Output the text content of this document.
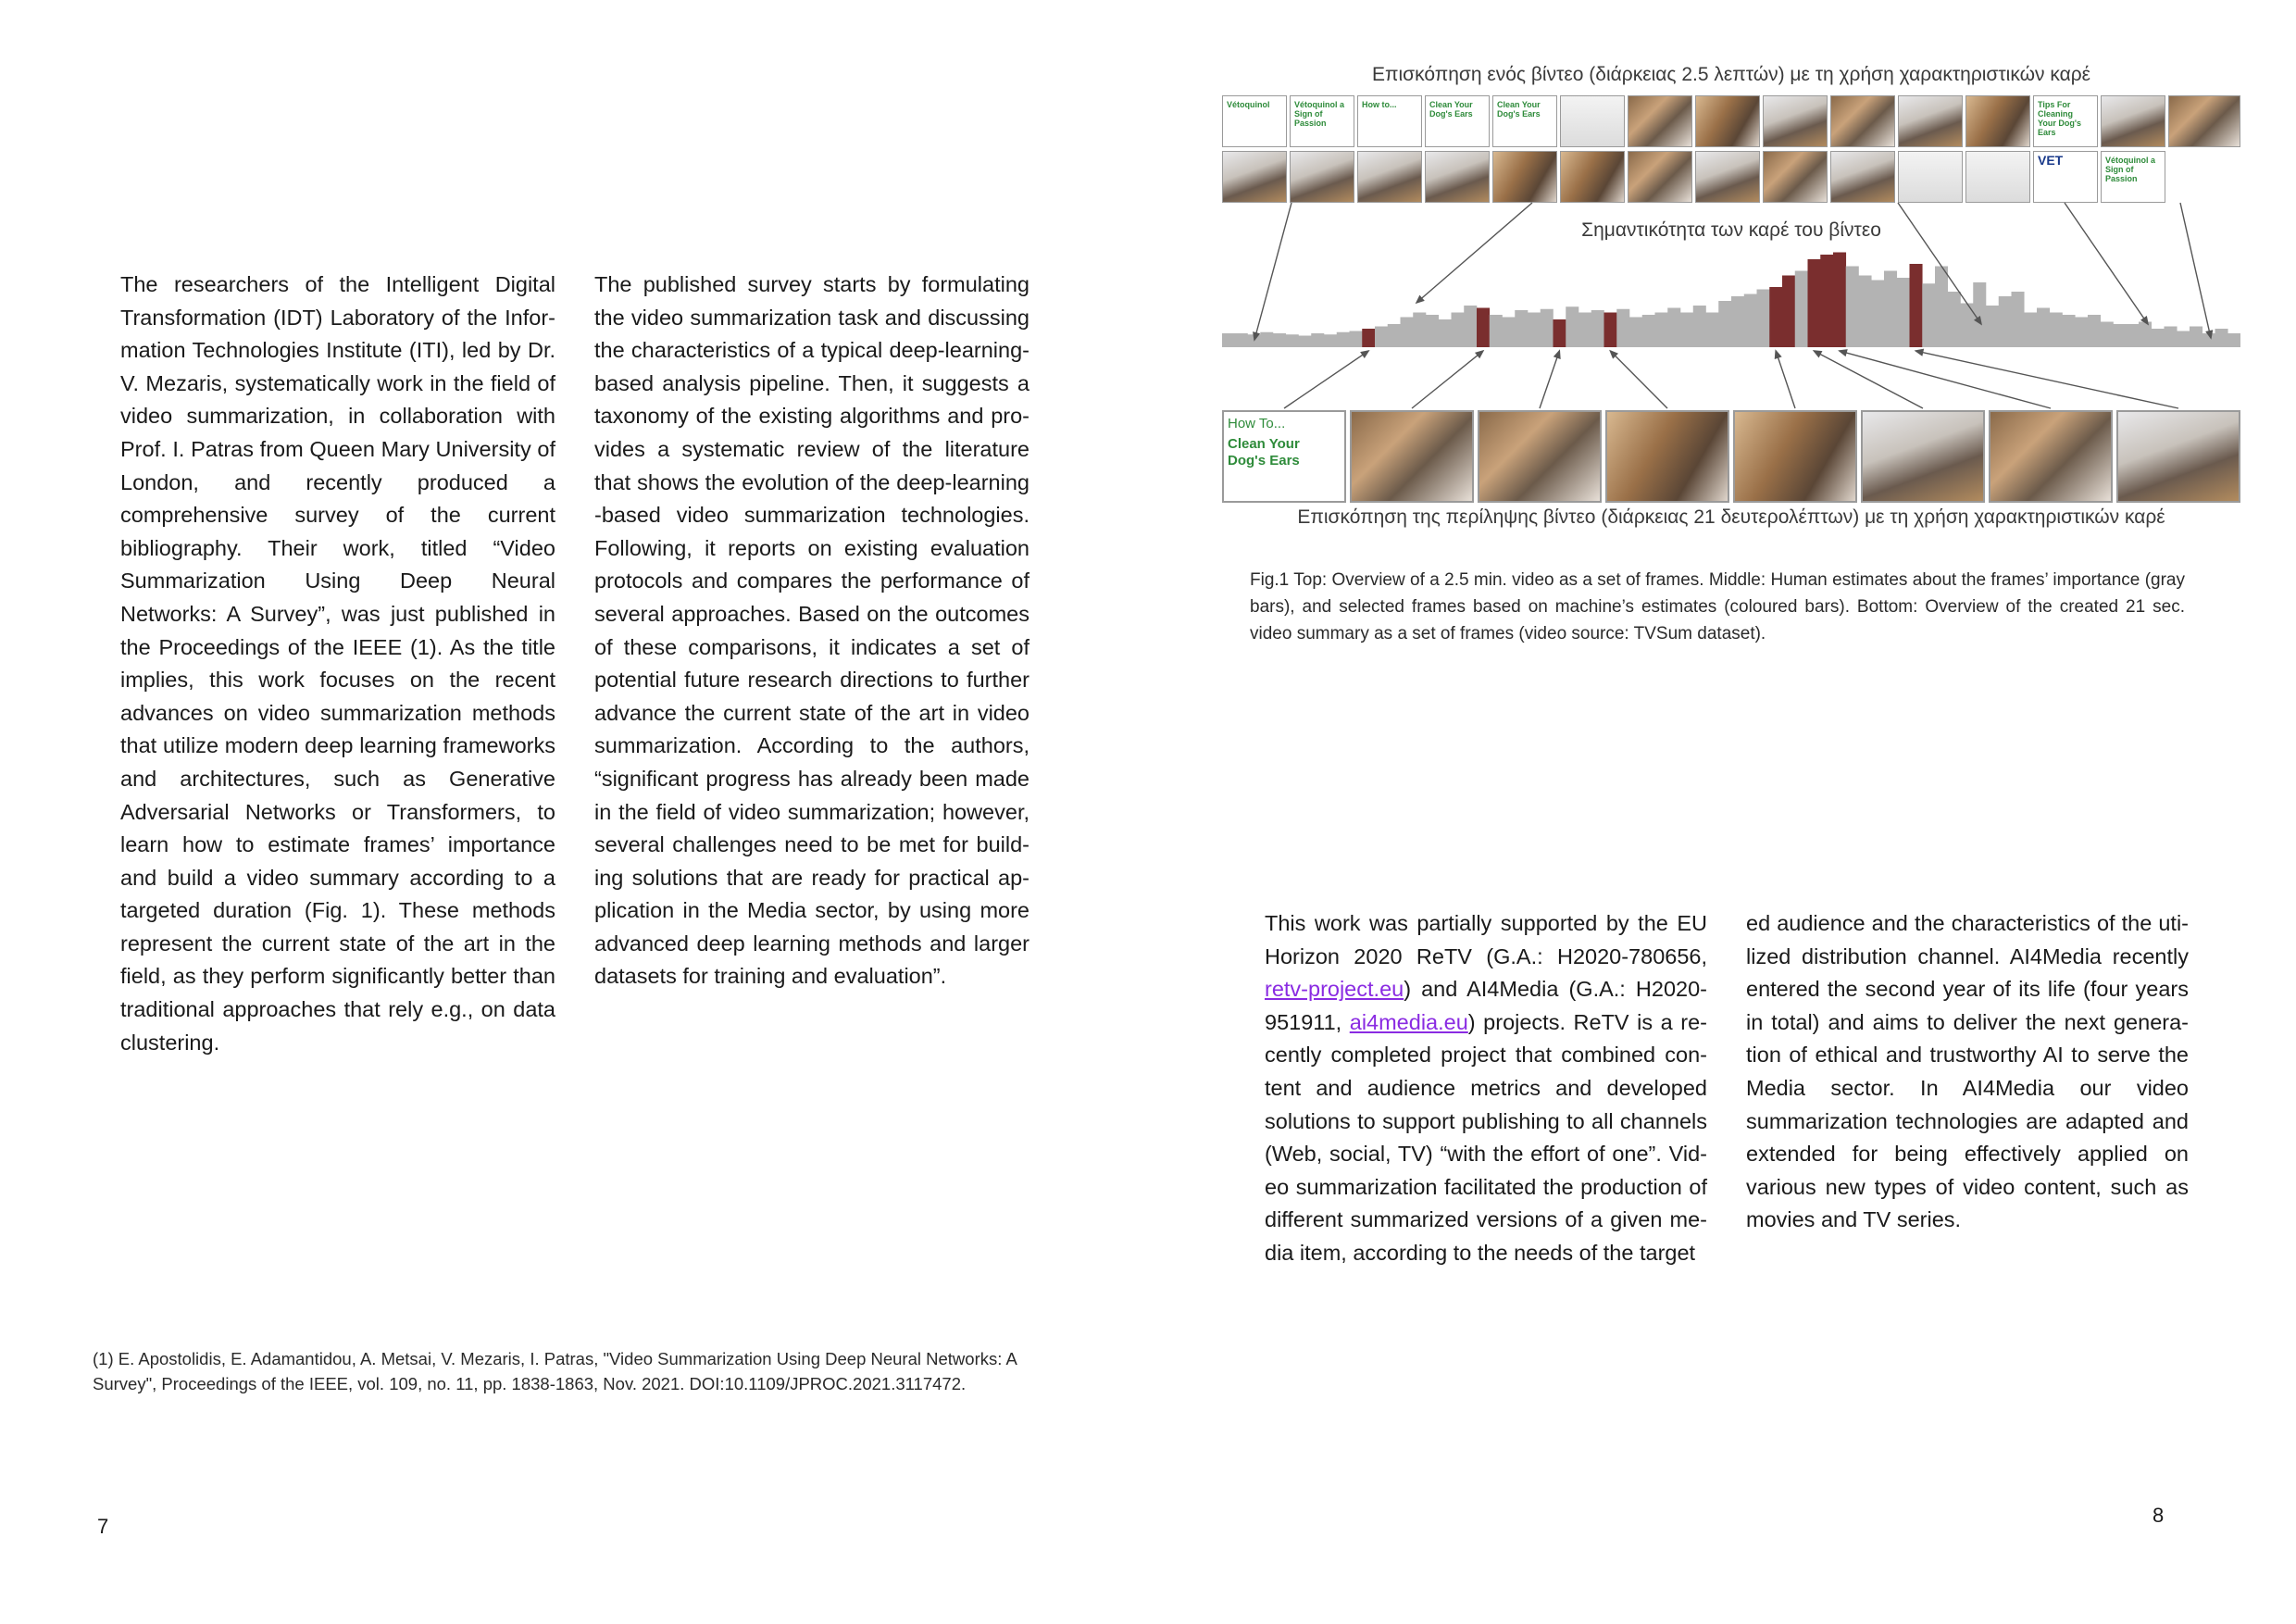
The researchers of the Intelligent Digital Transformation (IDT) Laboratory of the Information Technologies Institute (ITI), led by Dr. V. Mezaris, systematically work in the field of video summarization, in collaboration with Prof. I. Patras from Queen Mary University of London, and recently produced a comprehensive survey of the current bibliography. Their work, titled “Video Summarization Using Deep Neural Networks: A Survey”, was just published in the Proceedings of the IEEE (1). As the title implies, this work focuses on the recent advances on video summarization methods that utilize modern deep learning frameworks and architectures, such as Generative Adversarial Networks or Transformers, to learn how to estimate frames’ importance and build a video summary according to a targeted duration (Fig. 1). These methods represent the current state of the art in the field, as they perform significantly better than traditional approaches that rely e.g., on data clustering.

The published survey starts by formulating the video summarization task and discussing the characteristics of a typical deep-learning-based analysis pipeline. Then, it suggests a taxonomy of the existing algorithms and provides a systematic review of the literature that shows the evolution of the deep-learning -based video summarization technologies. Following, it reports on existing evaluation protocols and compares the performance of several approaches. Based on the outcomes of these comparisons, it indicates a set of potential future research directions to further advance the current state of the art in video summarization. According to the authors, “significant progress has already been made in the field of video summarization; however, several challenges need to be met for building solutions that are ready for practical application in the Media sector, by using more advanced deep learning methods and larger datasets for training and evaluation”.

(1) E. Apostolidis, E. Adamantidou, A. Metsai, V. Mezaris, I. Patras, "Video Summarization Using Deep Neural Networks: A Survey", Proceedings of the IEEE, vol. 109, no. 11, pp. 1838-1863, Nov. 2021. DOI:10.1109/JPROC.2021.3117472.
7
Επισκόπηση ενός βίντεο (διάρκειας 2.5 λεπτών) με τη χρήση χαρακτηριστικών καρέ
Vétoquinol	Vétoquinol a Sign of Passion
How to...	Clean Your Dog's Ears
Clean Your Dog's Ears
Tips For Cleaning Your Dog's Ears
VET	Vétoquinol a Sign of Passion
Σημαντικότητα των καρέ του βίντεο
How To...
Clean Your
Dog's Ears
Επισκόπηση της περίληψης βίντεο (διάρκειας 21 δευτερολέπτων) με τη χρήση χαρακτηριστικών καρέ
Fig.1 Top: Overview of a 2.5 min. video as a set of frames. Middle: Human estimates about the frames’ importance (gray bars), and selected frames based on machine’s estimates (coloured bars). Bottom: Overview of the created 21 sec. video summary as a set of frames (video source: TVSum dataset).

This work was partially supported by the EU Horizon 2020 ReTV (G.A.: H2020-780656, retv-project.eu) and AI4Media (G.A.: H2020-951911, ai4media.eu) projects. ReTV is a recently completed project that combined content and audience metrics and developed solutions to support publishing to all channels (Web, social, TV) “with the effort of one”. Video summarization facilitated the production of different summarized versions of a given media item, according to the needs of the target

ed audience and the characteristics of the utilized distribution channel. AI4Media recently entered the second year of its life (four years in total) and aims to deliver the next generation of ethical and trustworthy AI to serve the Media sector. In AI4Media our video summarization technologies are adapted and extended for being effectively applied on various new types of video content, such as movies and TV series.

8
